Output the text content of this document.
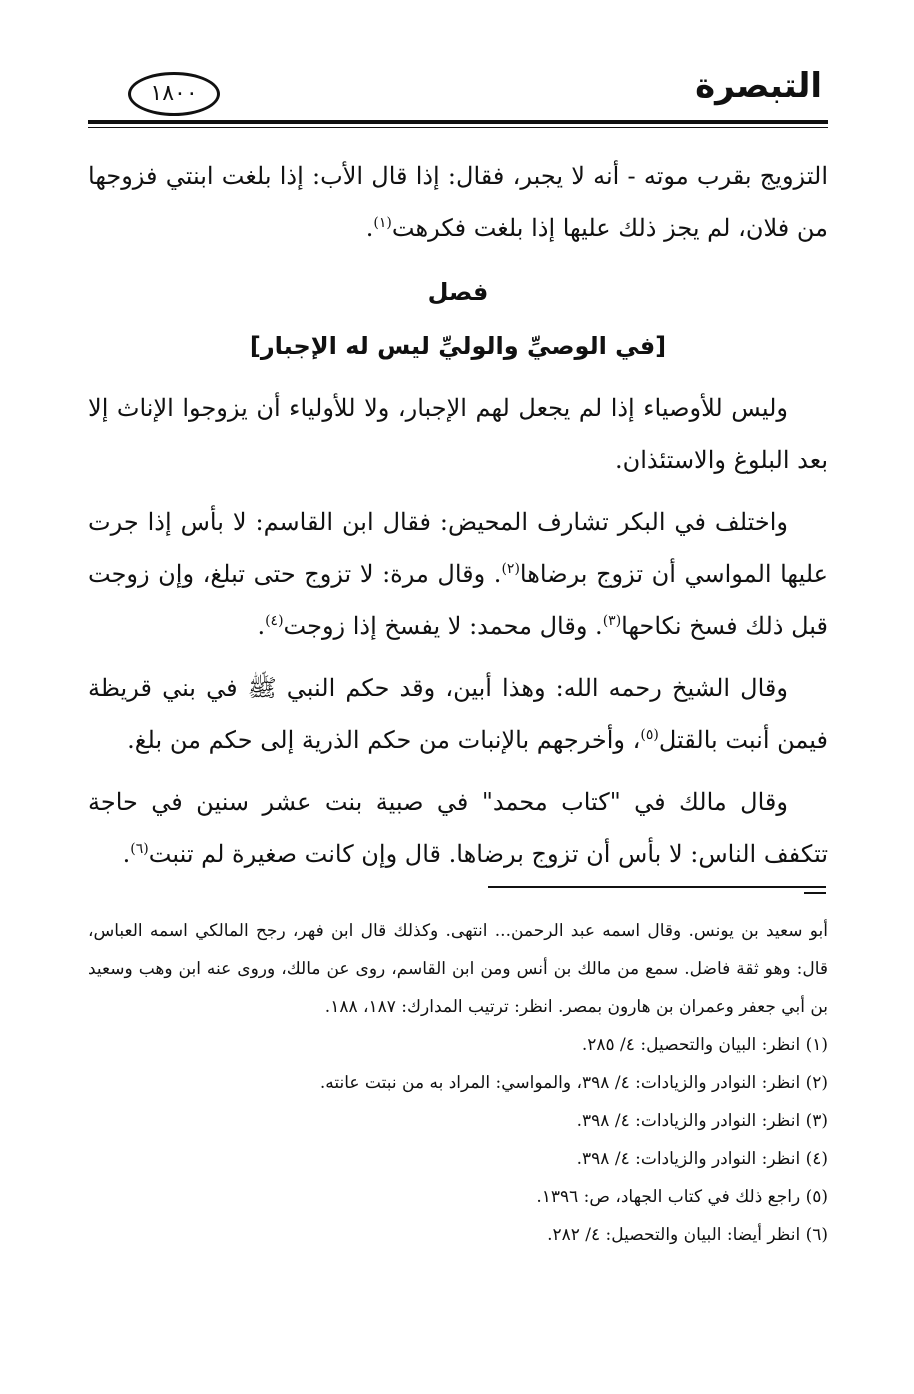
التبصرة
١٨٠٠

التزويج بقرب موته - أنه لا يجبر، فقال: إذا قال الأب: إذا بلغت ابنتي فزوجها من فلان، لم يجز ذلك عليها إذا بلغت فكرهت$^{(١)}$.

فصل

[في الوصيِّ والوليِّ ليس له الإجبار]

وليس للأوصياء إذا لم يجعل لهم الإجبار، ولا للأولياء أن يزوجوا الإناث إلا بعد البلوغ والاستئذان.

واختلف في البكر تشارف المحيض: فقال ابن القاسم: لا بأس إذا جرت عليها المواسي أن تزوج برضاها$^{(٢)}$. وقال مرة: لا تزوج حتى تبلغ، وإن زوجت قبل ذلك فسخ نكاحها$^{(٣)}$. وقال محمد: لا يفسخ إذا زوجت$^{(٤)}$.

وقال الشيخ رحمه الله: وهذا أبين، وقد حكم النبي ﷺ في بني قريظة فيمن أنبت بالقتل$^{(٥)}$، وأخرجهم بالإنبات من حكم الذرية إلى حكم من بلغ.

وقال مالك في "كتاب محمد" في صبية بنت عشر سنين في حاجة تتكفف الناس: لا بأس أن تزوج برضاها. قال وإن كانت صغيرة لم تنبت$^{(٦)}$.

أبو سعيد بن يونس. وقال اسمه عبد الرحمن... انتهى. وكذلك قال ابن فهر، رجح المالكي اسمه العباس، قال: وهو ثقة فاضل. سمع من مالك بن أنس ومن ابن القاسم، روى عن مالك، وروى عنه ابن وهب وسعيد بن أبي جعفر وعمران بن هارون بمصر. انظر: ترتيب المدارك: ١٨٧، ١٨٨.

(١) انظر: البيان والتحصيل: ٤/ ٢٨٥.

(٢) انظر: النوادر والزيادات: ٤/ ٣٩٨، والمواسي: المراد به من نبتت عانته.

(٣) انظر: النوادر والزيادات: ٤/ ٣٩٨.

(٤) انظر: النوادر والزيادات: ٤/ ٣٩٨.

(٥) راجع ذلك في كتاب الجهاد، ص: ١٣٩٦.

(٦) انظر أيضا: البيان والتحصيل: ٤/ ٢٨٢.
